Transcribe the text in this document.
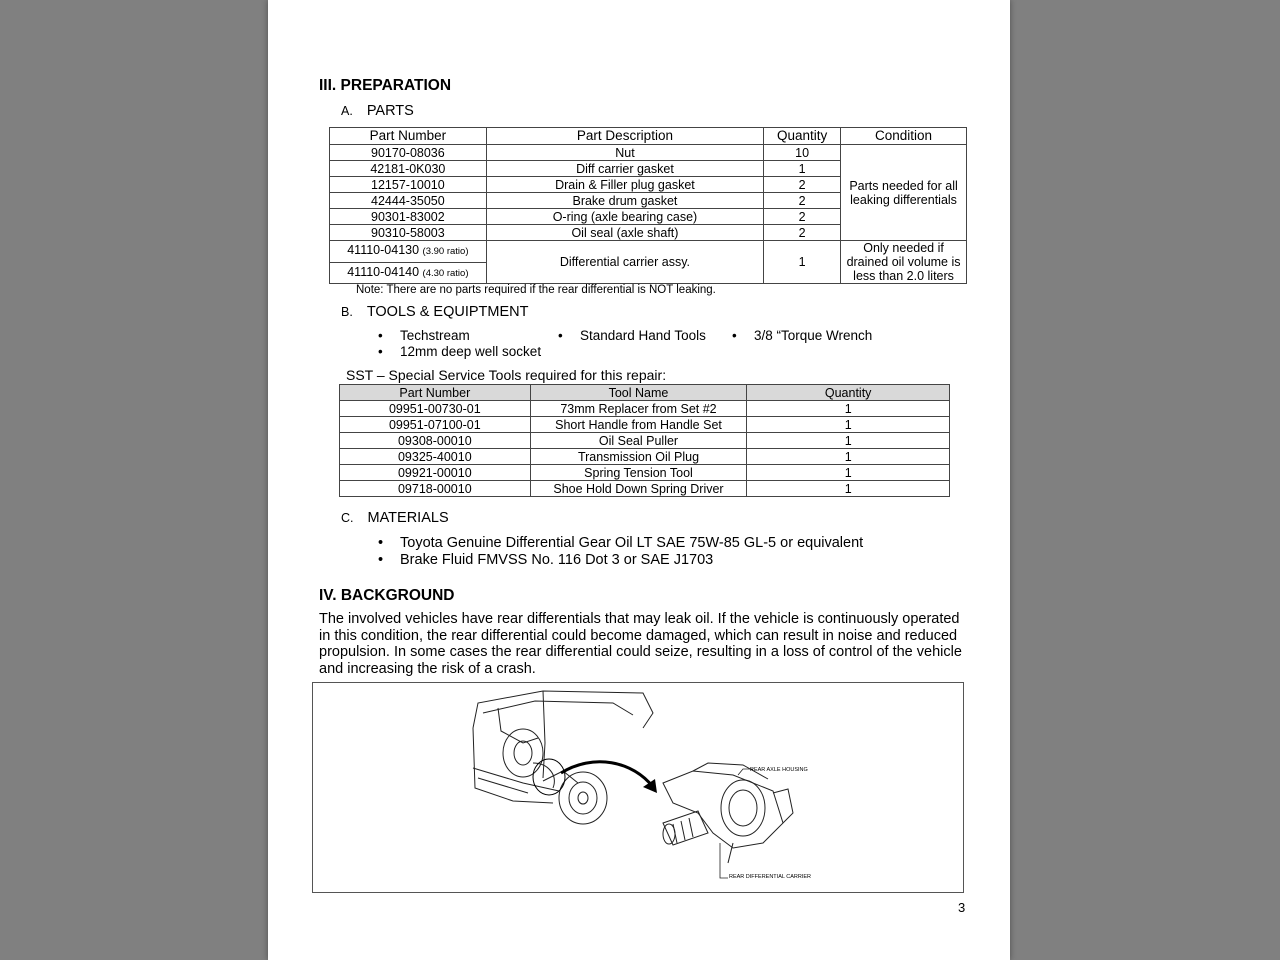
III. PREPARATION
A. PARTS
Part Number	Part Description	Quantity	Condition
90170-08036	Nut	10	Parts needed for all leaking differentials
42181-0K030	Diff carrier gasket	1	
12157-10010	Drain & Filler plug gasket	2	
42444-35050	Brake drum gasket	2	
90301-83002	O-ring (axle bearing case)	2	
90310-58003	Oil seal (axle shaft)	2	
41110-04130 (3.90 ratio)	Differential carrier assy.	1	Only needed if drained oil volume is less than 2.0 liters
41110-04140 (4.30 ratio)			
Note: There are no parts required if the rear differential is NOT leaking.
B. TOOLS & EQUIPTMENT
• Techstream	• Standard Hand Tools	• 3/8 “Torque Wrench
• 12mm deep well socket
SST – Special Service Tools required for this repair:
Part Number	Tool Name	Quantity
09951-00730-01	73mm Replacer from Set #2	1
09951-07100-01	Short Handle from Handle Set	1
09308-00010	Oil Seal Puller	1
09325-40010	Transmission Oil Plug	1
09921-00010	Spring Tension Tool	1
09718-00010	Shoe Hold Down Spring Driver	1
C. MATERIALS
• Toyota Genuine Differential Gear Oil LT SAE 75W-85 GL-5 or equivalent
• Brake Fluid FMVSS No. 116 Dot 3 or SAE J1703
IV. BACKGROUND
The involved vehicles have rear differentials that may leak oil. If the vehicle is continuously operated in this condition, the rear differential could become damaged, which can result in noise and reduced propulsion. In some cases the rear differential could seize, resulting in a loss of control of the vehicle and increasing the risk of a crash.
REAR AXLE HOUSING
REAR DIFFERENTIAL CARRIER
3
